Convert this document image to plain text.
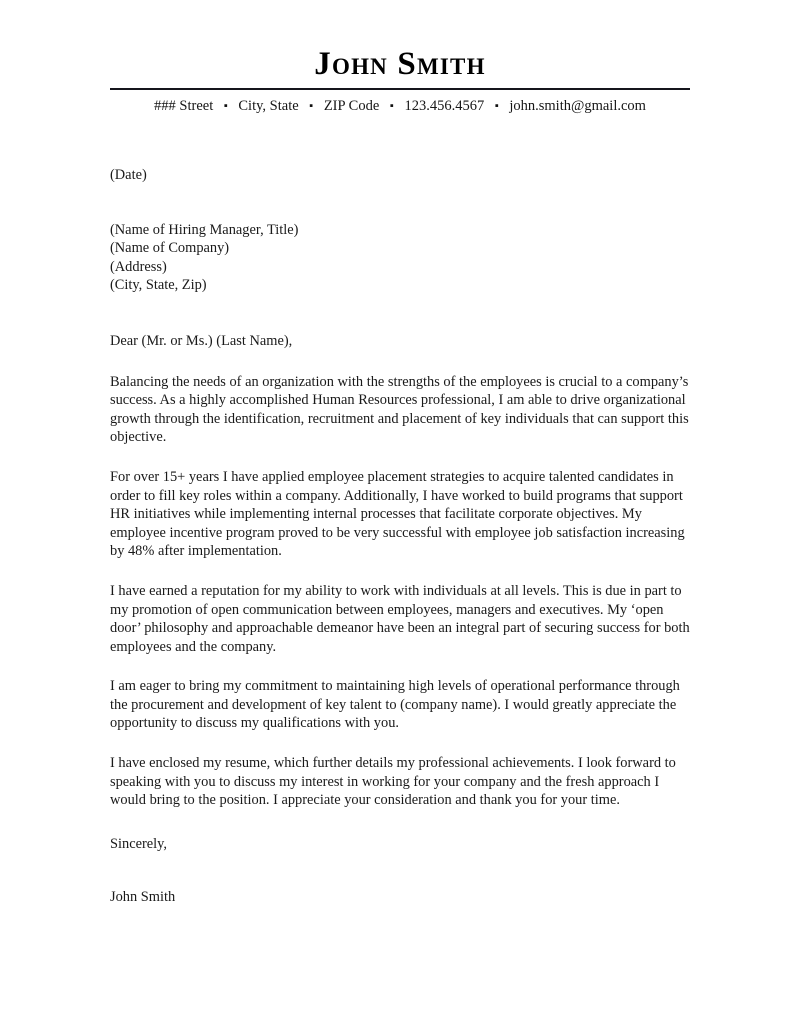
John Smith
### Street ▪ City, State ▪ ZIP Code ▪ 123.456.4567 ▪ john.smith@gmail.com
(Date)
(Name of Hiring Manager, Title)
(Name of Company)
(Address)
(City, State, Zip)
Dear (Mr. or Ms.) (Last Name),

Balancing the needs of an organization with the strengths of the employees is crucial to a company’s success. As a highly accomplished Human Resources professional, I am able to drive organizational growth through the identification, recruitment and placement of key individuals that can support this objective.

For over 15+ years I have applied employee placement strategies to acquire talented candidates in order to fill key roles within a company. Additionally, I have worked to build programs that support HR initiatives while implementing internal processes that facilitate corporate objectives. My employee incentive program proved to be very successful with employee job satisfaction increasing by 48% after implementation.

I have earned a reputation for my ability to work with individuals at all levels. This is due in part to my promotion of open communication between employees, managers and executives. My ‘open door’ philosophy and approachable demeanor have been an integral part of securing success for both employees and the company.

I am eager to bring my commitment to maintaining high levels of operational performance through the procurement and development of key talent to (company name). I would greatly appreciate the opportunity to discuss my qualifications with you.

I have enclosed my resume, which further details my professional achievements. I look forward to speaking with you to discuss my interest in working for your company and the fresh approach I would bring to the position. I appreciate your consideration and thank you for your time.

Sincerely,
John Smith
